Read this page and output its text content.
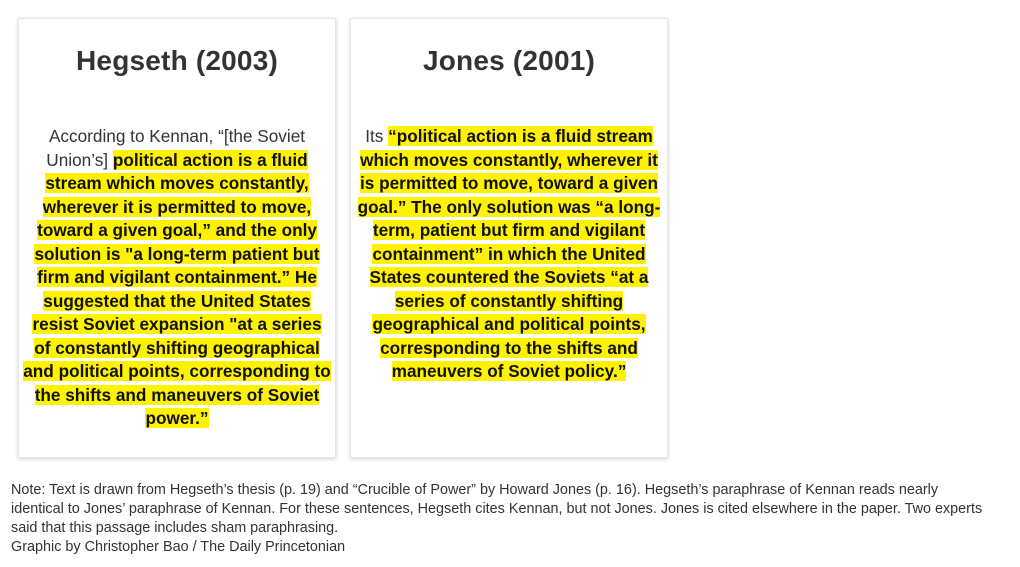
Hegseth (2003)
According to Kennan, “[the Soviet Union’s] political action is a fluid stream which moves constantly, wherever it is permitted to move, toward a given goal,” and the only solution is "a long-term patient but firm and vigilant containment.” He suggested that the United States resist Soviet expansion "at a series of constantly shifting geographical and political points, corresponding to the shifts and maneuvers of Soviet power.”
Jones (2001)
Its “political action is a fluid stream which moves constantly, wherever it is permitted to move, toward a given goal.” The only solution was “a long-term, patient but firm and vigilant containment” in which the United States countered the Soviets “at a series of constantly shifting geographical and political points, corresponding to the shifts and maneuvers of Soviet policy.”
Note: Text is drawn from Hegseth’s thesis (p. 19) and “Crucible of Power” by Howard Jones (p. 16). Hegseth’s paraphrase of Kennan reads nearly identical to Jones’ paraphrase of Kennan. For these sentences, Hegseth cites Kennan, but not Jones. Jones is cited elsewhere in the paper. Two experts said that this passage includes sham paraphrasing.
Graphic by Christopher Bao / The Daily Princetonian
